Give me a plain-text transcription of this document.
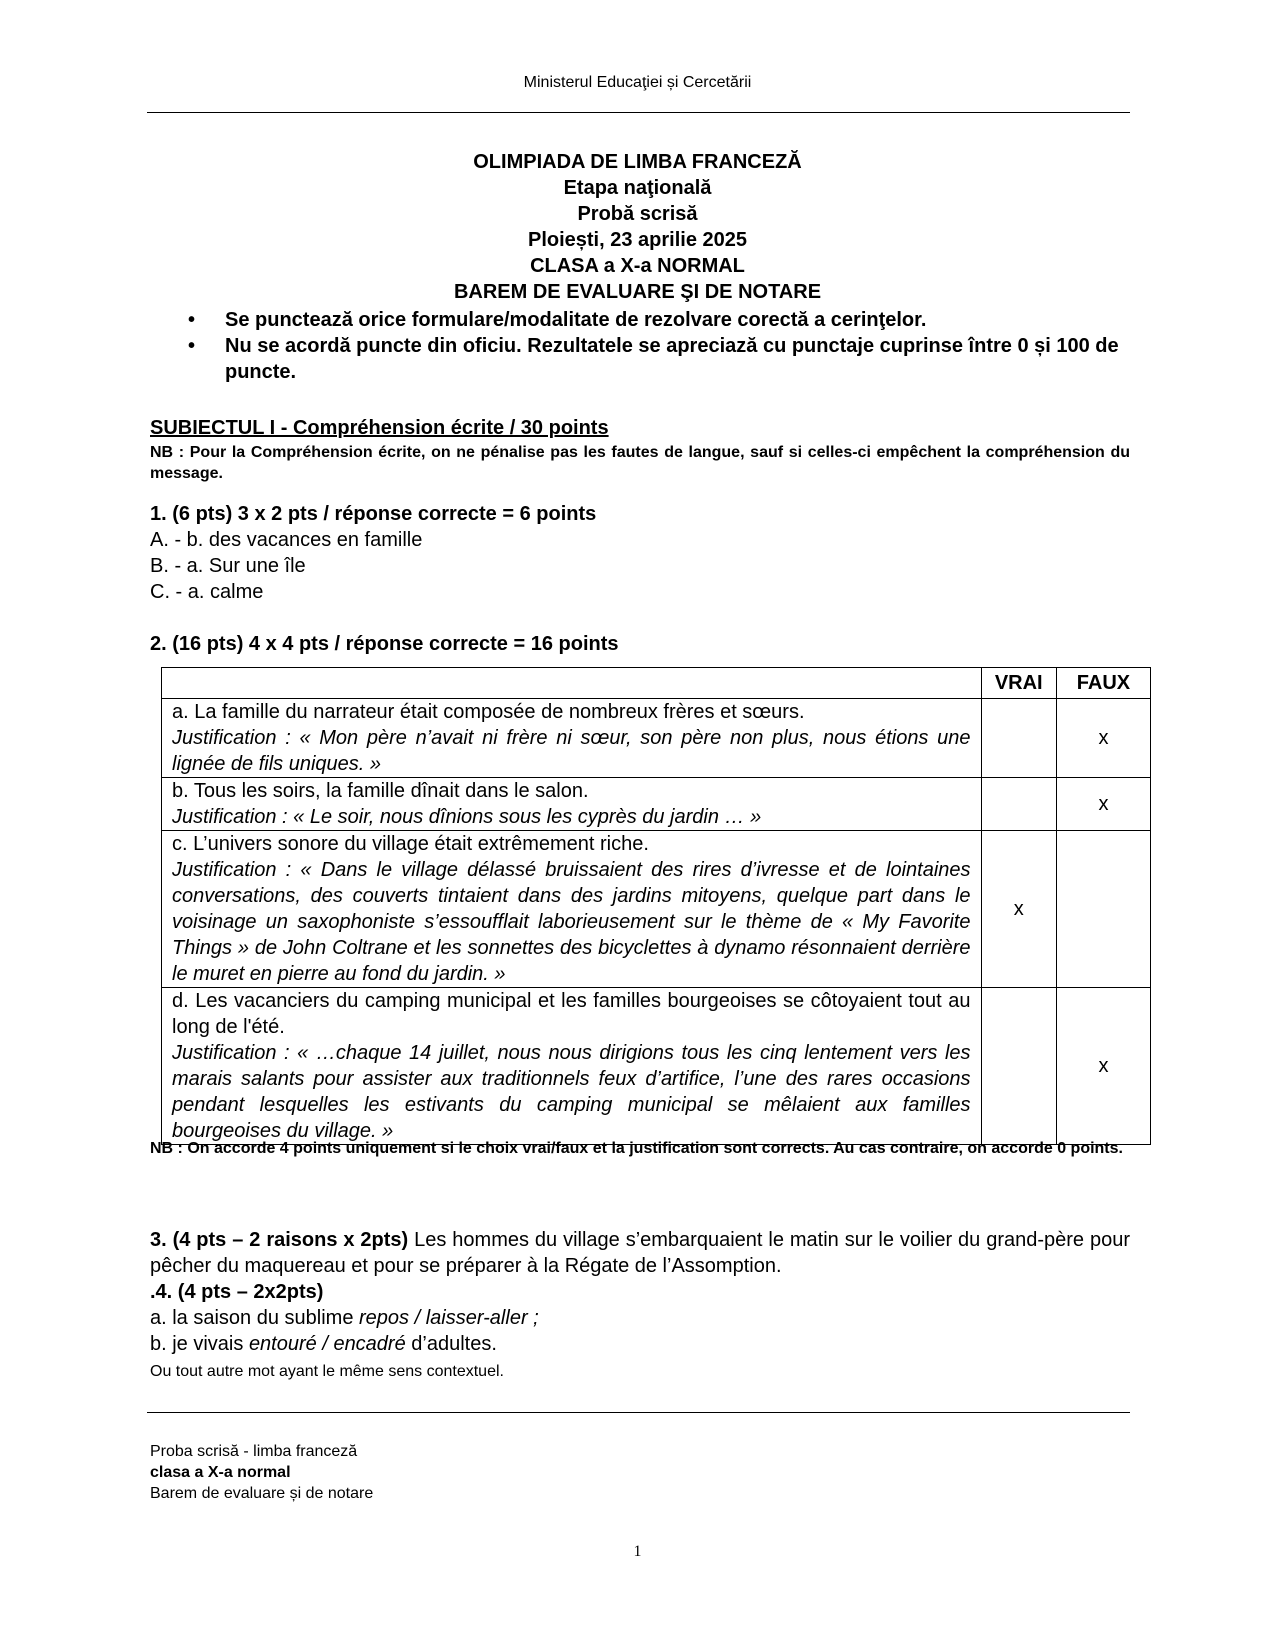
Ministerul Educaţiei și Cercetării
OLIMPIADA DE LIMBA FRANCEZĂ
Etapa naţională
Probă scrisă
Ploiești, 23 aprilie 2025
CLASA a X-a NORMAL
BAREM DE EVALUARE ŞI DE NOTARE
• Se punctează orice formulare/modalitate de rezolvare corectă a cerinţelor.
• Nu se acordă puncte din oficiu. Rezultatele se apreciază cu punctaje cuprinse între 0 și 100 de puncte.
SUBIECTUL I - Compréhension écrite / 30 points
NB : Pour la Compréhension écrite, on ne pénalise pas les fautes de langue, sauf si celles-ci empêchent la compréhension du message.
1. (6 pts) 3 x 2 pts / réponse correcte = 6 points
A. - b. des vacances en famille
B. - a. Sur une île
C. - a. calme
2. (16 pts) 4 x 4 pts / réponse correcte = 16 points
	VRAI	FAUX

a. La famille du narrateur était composée de nombreux frères et sœurs.
Justification : « Mon père n’avait ni frère ni sœur, son père non plus, nous étions une lignée de fils uniques. »		x

b. Tous les soirs, la famille dînait dans le salon.
Justification : « Le soir, nous dînions sous les cyprès du jardin … »		x

c. L’univers sonore du village était extrêmement riche.
Justification : « Dans le village délassé bruissaient des rires d’ivresse et de lointaines conversations, des couverts tintaient dans des jardins mitoyens, quelque part dans le voisinage un saxophoniste s’essoufflait laborieusement sur le thème de « My Favorite Things » de John Coltrane et les sonnettes des bicyclettes à dynamo résonnaient derrière le muret en pierre au fond du jardin. »	x	

d. Les vacanciers du camping municipal et les familles bourgeoises se côtoyaient tout au long de l'été.
Justification : « …chaque 14 juillet, nous nous dirigions tous les cinq lentement vers les marais salants pour assister aux traditionnels feux d’artifice, l’une des rares occasions pendant lesquelles les estivants du camping municipal se mêlaient aux familles bourgeoises du village. »		x
NB : On accorde 4 points uniquement si le choix vrai/faux et la justification sont corrects. Au cas contraire, on accorde 0 points.
3. (4 pts – 2 raisons x 2pts) Les hommes du village s’embarquaient le matin sur le voilier du grand-père pour pêcher du maquereau et pour se préparer à la Régate de l’Assomption.
.4. (4 pts – 2x2pts)
a. la saison du sublime repos / laisser-aller ;
b. je vivais entouré / encadré d’adultes.
Ou tout autre mot ayant le même sens contextuel.
Proba scrisă - limba franceză
clasa a X-a normal
Barem de evaluare și de notare
1
